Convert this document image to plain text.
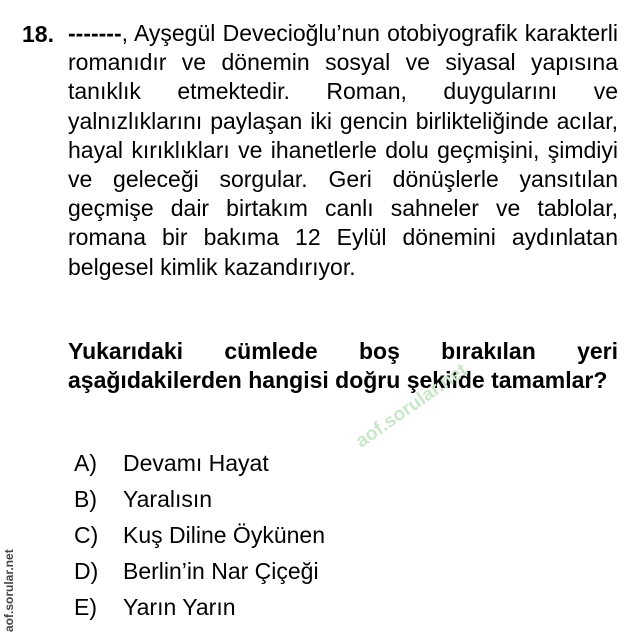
18. -------, Ayşegül Devecioğlu’nun otobiyografik karakterli romanıdır ve dönemin sosyal ve siyasal yapısına tanıklık etmektedir. Roman, duygularını ve yalnızlıklarını paylaşan iki gencin birlikteliğinde acılar, hayal kırıklıkları ve ihanetlerle dolu geçmişini, şimdiyi ve geleceği sorgular. Geri dönüşlerle yansıtılan geçmişe dair birtakım canlı sahneler ve tablolar, romana bir bakıma 12 Eylül dönemini aydınlatan belgesel kimlik kazandırıyor.

Yukarıdaki cümlede boş bırakılan yeri aşağıdakilerden hangisi doğru şekilde tamamlar?

A)	Devamı Hayat
B)	Yaralısın
C)	Kuş Diline Öykünen
D)	Berlin’in Nar Çiçeği
E)	Yarın Yarın
aof.sorular.net
aof.sorular.net
